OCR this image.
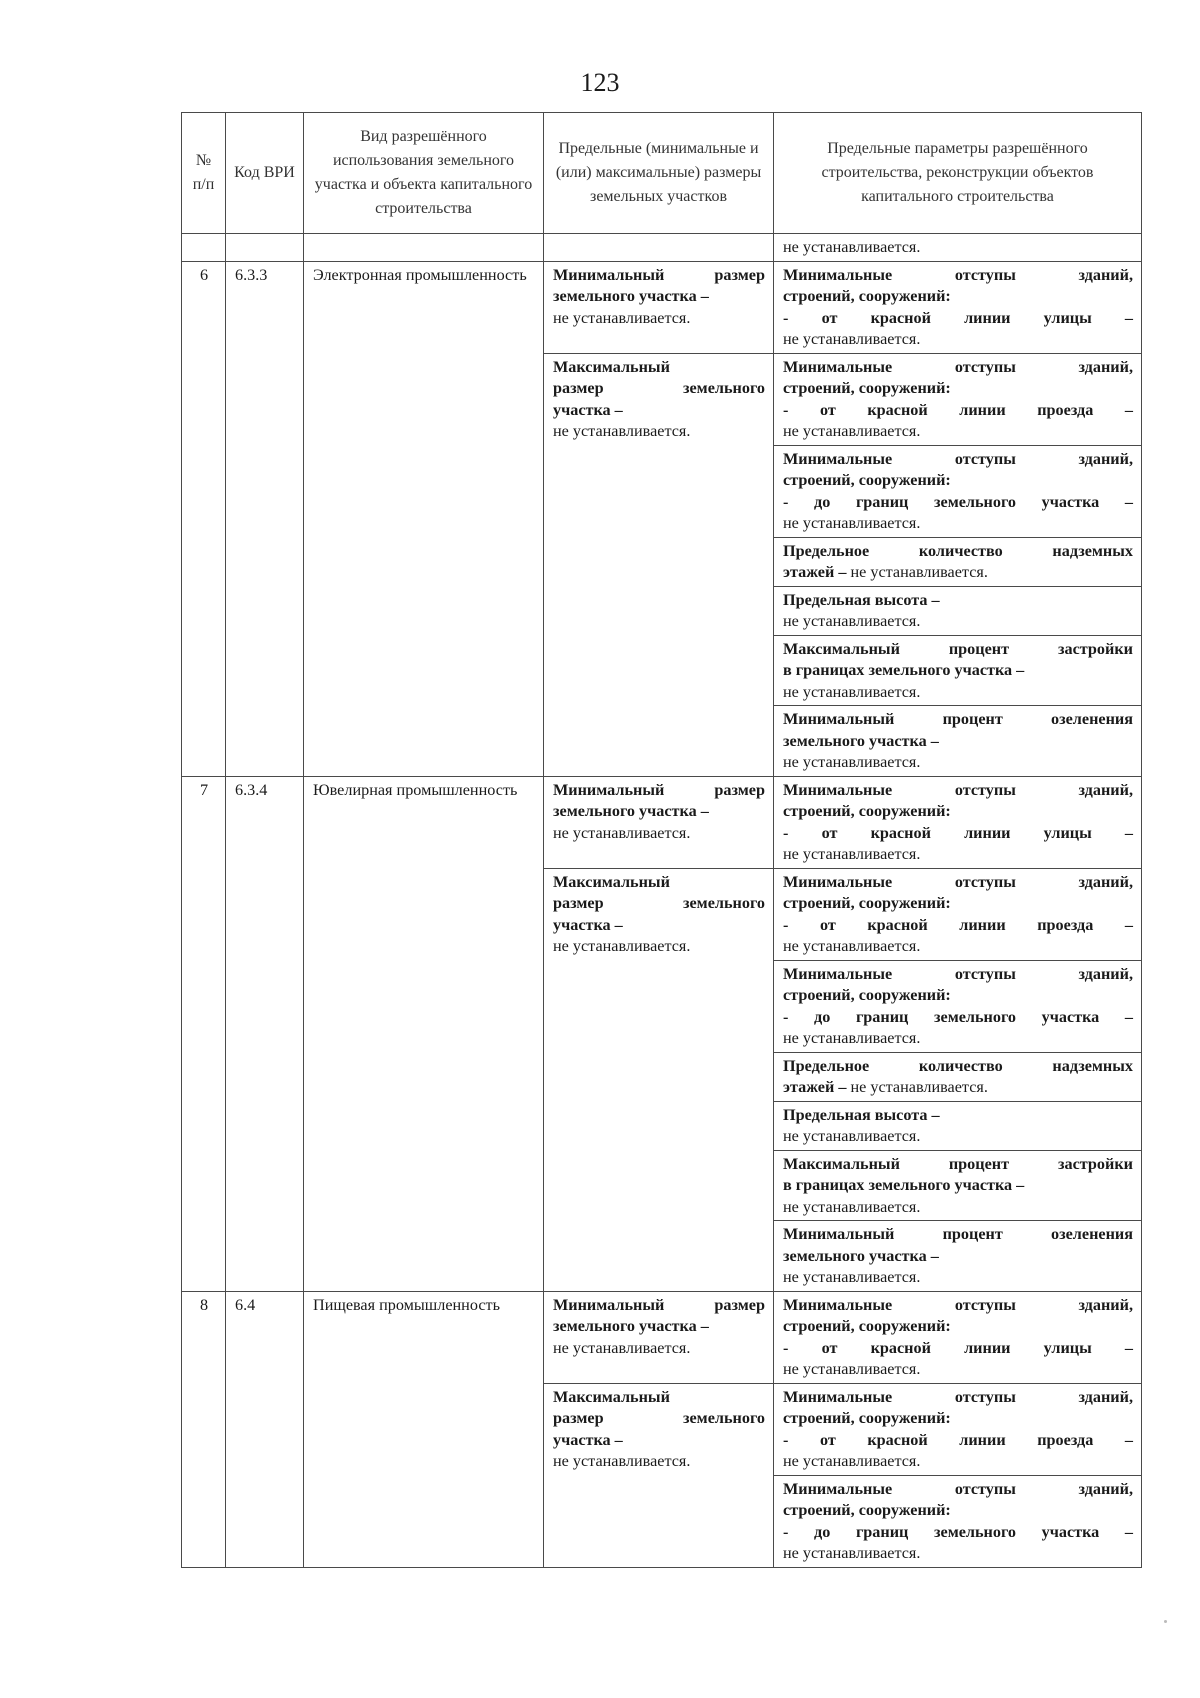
123
№ п/п	Код ВРИ	Вид разрешённого использования земельного участка и объекта капитального строительства	Предельные (минимальные и (или) максимальные) размеры земельных участков	Предельные параметры разрешённого строительства, реконструкции объектов капитального строительства
				не устанавливается.
6	6.3.3	Электронная промышленность	Минимальный размер
земельного участка –
не устанавливается.	Минимальные отступы зданий,
строений, сооружений:
- от красной линии улицы –
не устанавливается.

			Максимальный
размер земельного
участка –
не устанавливается.	Минимальные отступы зданий,
строений, сооружений:
- от красной линии проезда –
не устанавливается.

				Минимальные отступы зданий,
строений, сооружений:
- до границ земельного участка –
не устанавливается.

				Предельное количество надземных
этажей – не устанавливается.

				Предельная высота –
не устанавливается.

				Максимальный процент застройки
в границах земельного участка –
не устанавливается.

				Минимальный процент озеленения
земельного участка –
не устанавливается.

7	6.3.4	Ювелирная промышленность	Минимальный размер
земельного участка –
не устанавливается.	Минимальные отступы зданий,
строений, сооружений:
- от красной линии улицы –
не устанавливается.

			Максимальный
размер земельного
участка –
не устанавливается.	Минимальные отступы зданий,
строений, сооружений:
- от красной линии проезда –
не устанавливается.

				Минимальные отступы зданий,
строений, сооружений:
- до границ земельного участка –
не устанавливается.

				Предельное количество надземных
этажей – не устанавливается.

				Предельная высота –
не устанавливается.

				Максимальный процент застройки
в границах земельного участка –
не устанавливается.

				Минимальный процент озеленения
земельного участка –
не устанавливается.

8	6.4	Пищевая промышленность	Минимальный размер
земельного участка –
не устанавливается.	Минимальные отступы зданий,
строений, сооружений:
- от красной линии улицы –
не устанавливается.

			Максимальный
размер земельного
участка –
не устанавливается.	Минимальные отступы зданий,
строений, сооружений:
- от красной линии проезда –
не устанавливается.

				Минимальные отступы зданий,
строений, сооружений:
- до границ земельного участка –
не устанавливается.
